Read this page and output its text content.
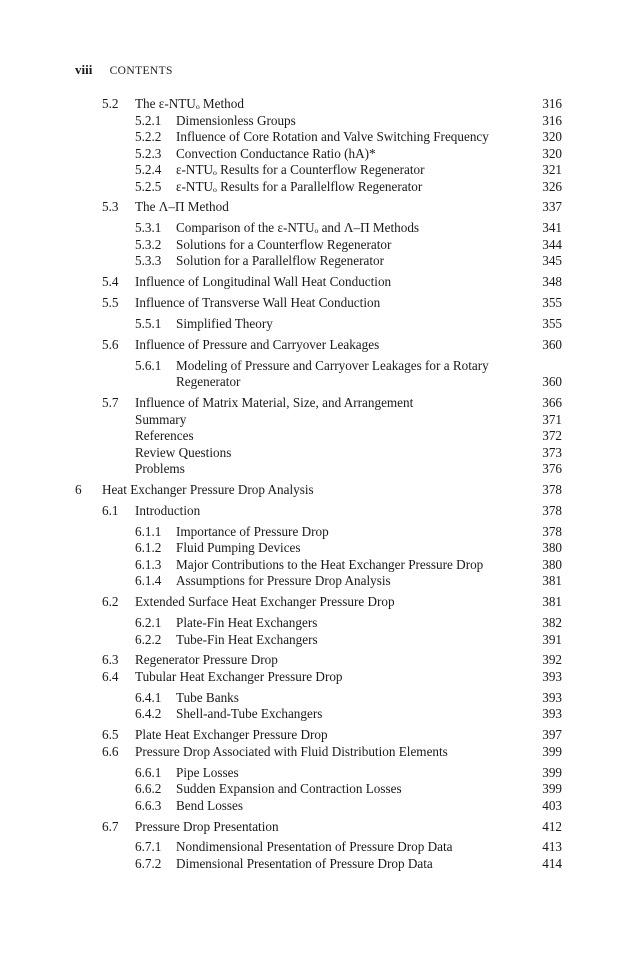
viii CONTENTS
5.2 The ε-NTUₒ Method	316
5.2.1 Dimensionless Groups	316
5.2.2 Influence of Core Rotation and Valve Switching Frequency	320
5.2.3 Convection Conductance Ratio (hA)*	320
5.2.4 ε-NTUₒ Results for a Counterflow Regenerator	321
5.2.5 ε-NTUₒ Results for a Parallelflow Regenerator	326
5.3 The Λ–Π Method	337
5.3.1 Comparison of the ε-NTUₒ and Λ–Π Methods	341
5.3.2 Solutions for a Counterflow Regenerator	344
5.3.3 Solution for a Parallelflow Regenerator	345
5.4 Influence of Longitudinal Wall Heat Conduction	348
5.5 Influence of Transverse Wall Heat Conduction	355
5.5.1 Simplified Theory	355
5.6 Influence of Pressure and Carryover Leakages	360
5.6.1 Modeling of Pressure and Carryover Leakages for a Rotary Regenerator	360
5.7 Influence of Matrix Material, Size, and Arrangement	366
Summary	371
References	372
Review Questions	373
Problems	376
6 Heat Exchanger Pressure Drop Analysis	378
6.1 Introduction	378
6.1.1 Importance of Pressure Drop	378
6.1.2 Fluid Pumping Devices	380
6.1.3 Major Contributions to the Heat Exchanger Pressure Drop	380
6.1.4 Assumptions for Pressure Drop Analysis	381
6.2 Extended Surface Heat Exchanger Pressure Drop	381
6.2.1 Plate-Fin Heat Exchangers	382
6.2.2 Tube-Fin Heat Exchangers	391
6.3 Regenerator Pressure Drop	392
6.4 Tubular Heat Exchanger Pressure Drop	393
6.4.1 Tube Banks	393
6.4.2 Shell-and-Tube Exchangers	393
6.5 Plate Heat Exchanger Pressure Drop	397
6.6 Pressure Drop Associated with Fluid Distribution Elements	399
6.6.1 Pipe Losses	399
6.6.2 Sudden Expansion and Contraction Losses	399
6.6.3 Bend Losses	403
6.7 Pressure Drop Presentation	412
6.7.1 Nondimensional Presentation of Pressure Drop Data	413
6.7.2 Dimensional Presentation of Pressure Drop Data	414
